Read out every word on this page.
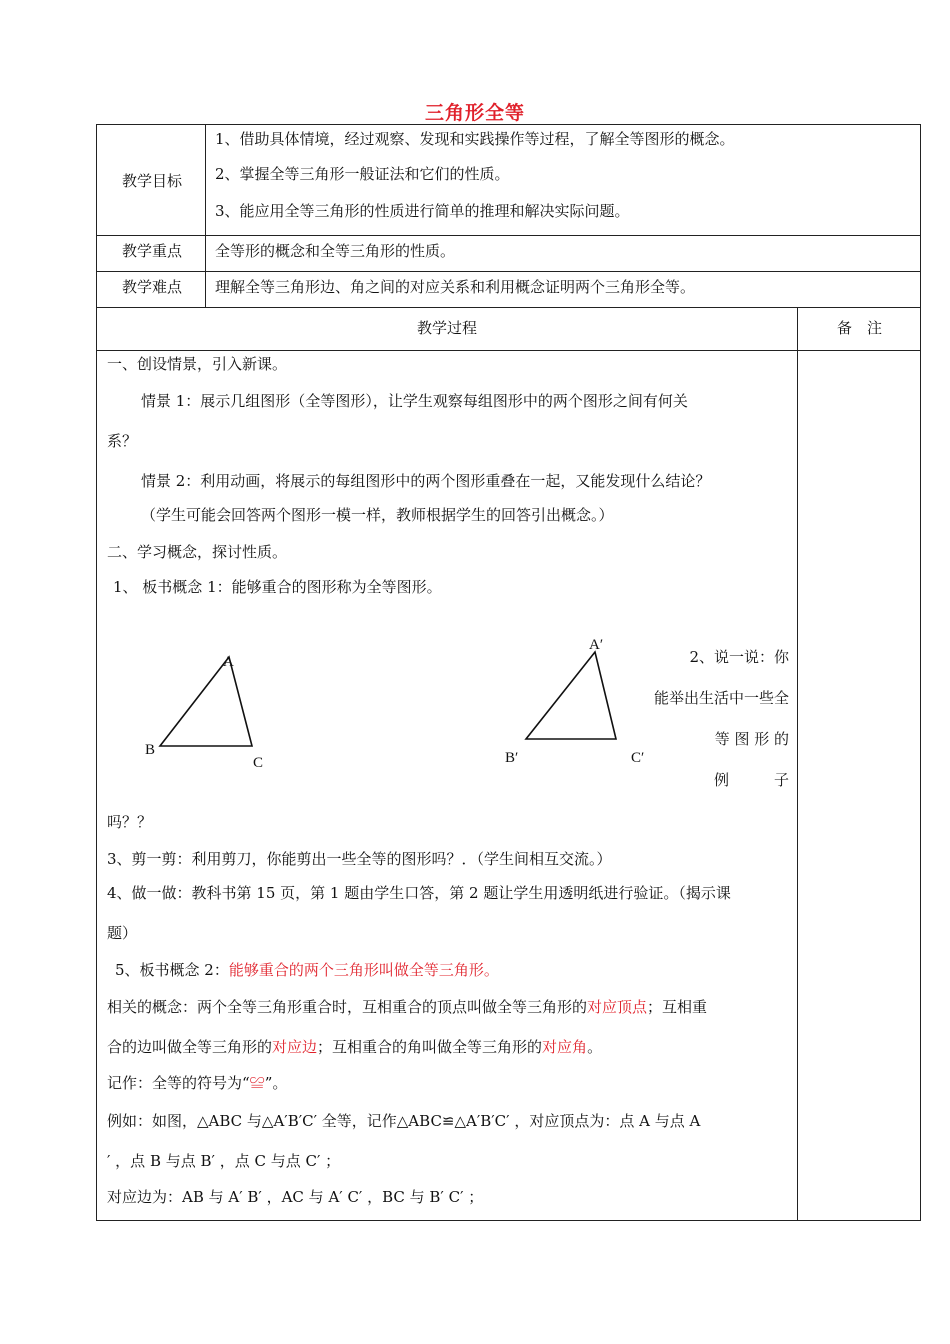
三角形全等
教学目标
1、借助具体情境，经过观察、发现和实践操作等过程，了解全等图形的概念。
2、掌握全等三角形一般证法和它们的性质。
3、能应用全等三角形的性质进行简单的推理和解决实际问题。
教学重点	全等形的概念和全等三角形的性质。
教学难点	理解全等三角形边、角之间的对应关系和利用概念证明两个三角形全等。
教学过程	备　注
一、创设情景，引入新课。
情景 1：展示几组图形（全等图形），让学生观察每组图形中的两个图形之间有何关
系？
情景 2：利用动画，将展示的每组图形中的两个图形重叠在一起，又能发现什么结论？
（学生可能会回答两个图形一模一样，教师根据学生的回答引出概念。）
二、学习概念，探讨性质。
1、 板书概念 1：能够重合的图形称为全等图形。
A
B
C
A′
B′	C′
2、说一说：你
能举出生活中一些全
等 图 形 的
例　　　子
吗？？
3、剪一剪：利用剪刀，你能剪出一些全等的图形吗？．（学生间相互交流。）
4、做一做：教科书第 15 页，第 1 题由学生口答，第 2 题让学生用透明纸进行验证。（揭示课
题）
5、板书概念 2：能够重合的两个三角形叫做全等三角形。
相关的概念：两个全等三角形重合时，互相重合的顶点叫做全等三角形的对应顶点；互相重
合的边叫做全等三角形的对应边；互相重合的角叫做全等三角形的对应角。
记作：全等的符号为“≌”。
例如：如图，△ABC 与△A′B′C′ 全等，记作△ABC≌△A′B′C′ ，对应顶点为：点 A 与点 A
′ ，点 B 与点 B′ ，点 C 与点 C′ ；
对应边为：AB 与 A′ B′ ，AC 与 A′ C′ ，BC 与 B′ C′ ；
